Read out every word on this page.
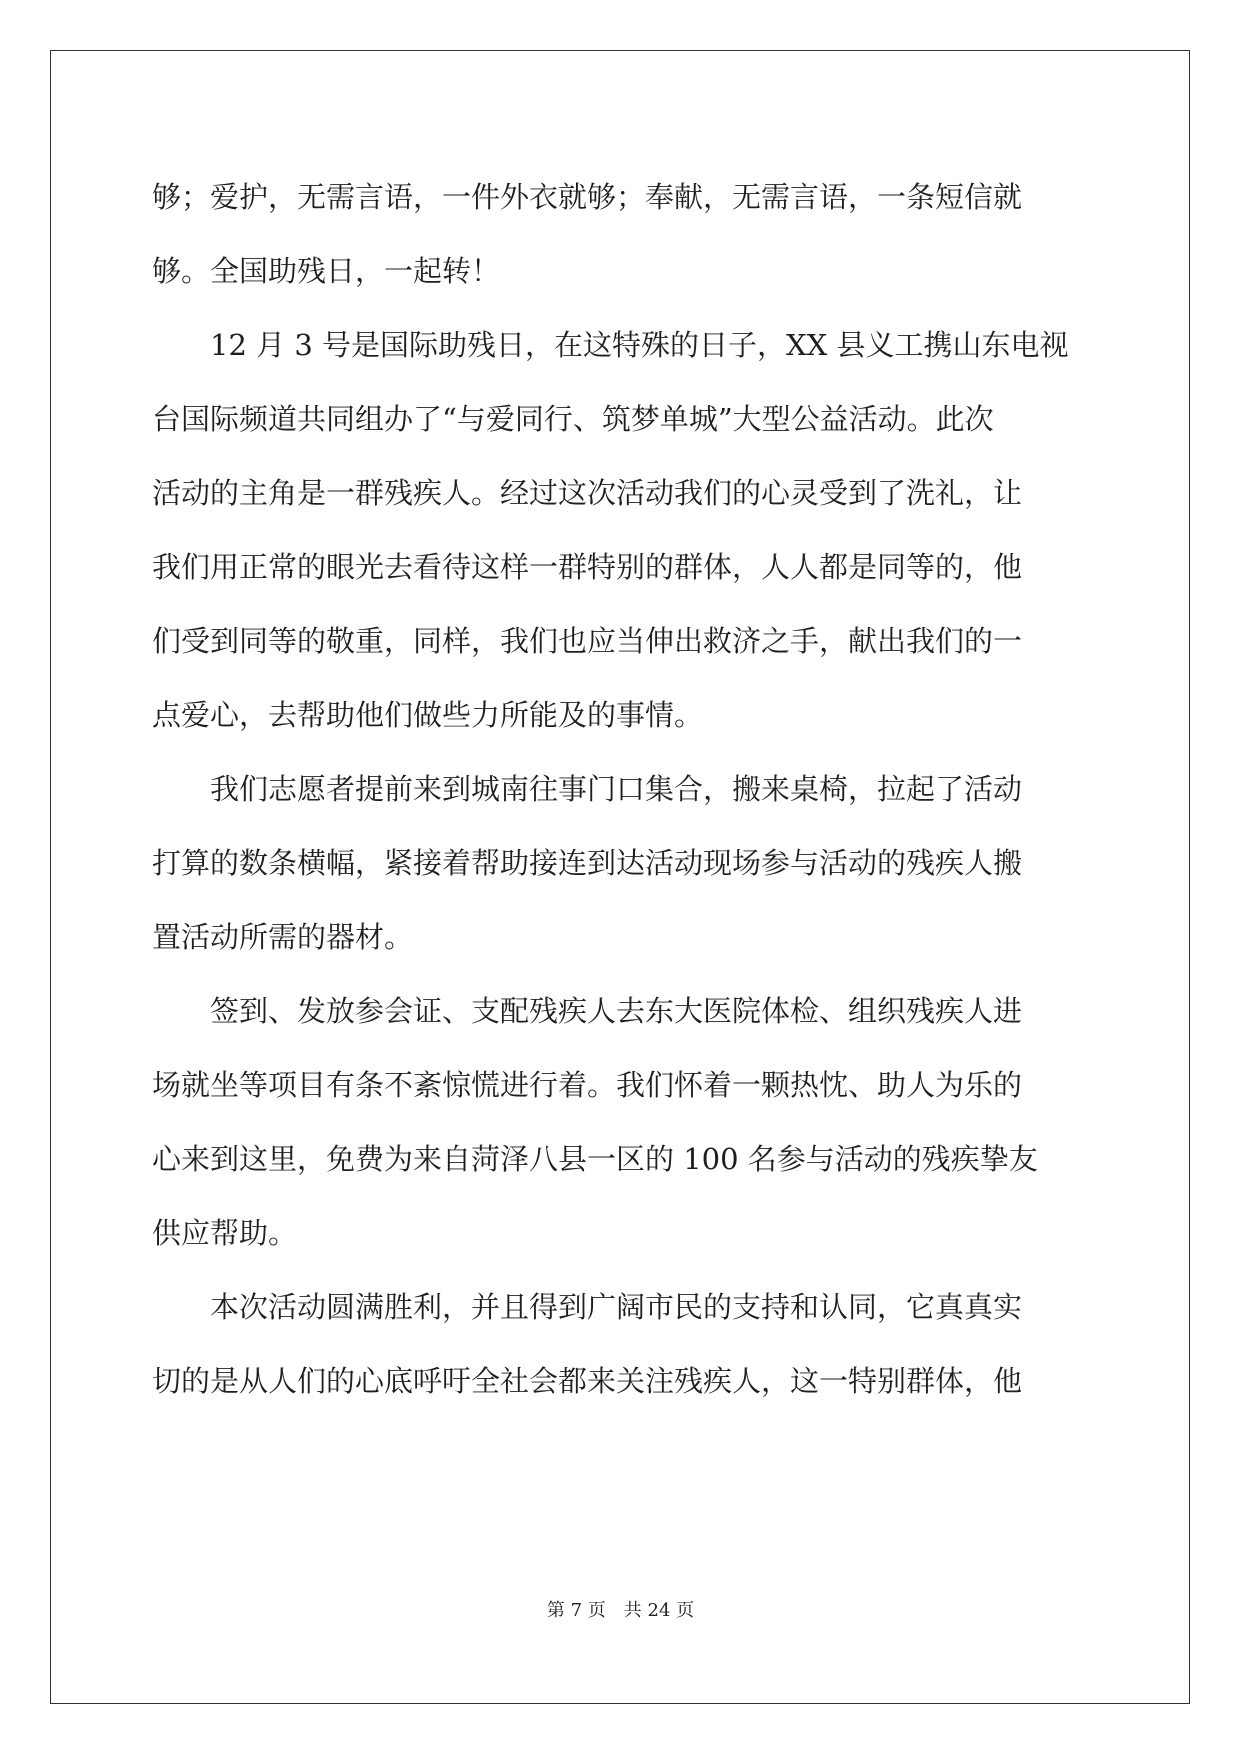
够；爱护，无需言语，一件外衣就够；奉献，无需言语，一条短信就
够。全国助残日，一起转！
12 月 3 号是国际助残日，在这特殊的日子，XX 县义工携山东电视
台国际频道共同组办了“与爱同行、筑梦单城”大型公益活动。此次
活动的主角是一群残疾人。经过这次活动我们的心灵受到了洗礼，让
我们用正常的眼光去看待这样一群特别的群体，人人都是同等的，他
们受到同等的敬重，同样，我们也应当伸出救济之手，献出我们的一
点爱心，去帮助他们做些力所能及的事情。
我们志愿者提前来到城南往事门口集合，搬来桌椅，拉起了活动
打算的数条横幅，紧接着帮助接连到达活动现场参与活动的残疾人搬
置活动所需的器材。
签到、发放参会证、支配残疾人去东大医院体检、组织残疾人进
场就坐等项目有条不紊惊慌进行着。我们怀着一颗热忱、助人为乐的
心来到这里，免费为来自菏泽八县一区的 100 名参与活动的残疾挚友
供应帮助。
本次活动圆满胜利，并且得到广阔市民的支持和认同，它真真实
切的是从人们的心底呼吁全社会都来关注残疾人，这一特别群体，他
第 7 页 共 24 页
